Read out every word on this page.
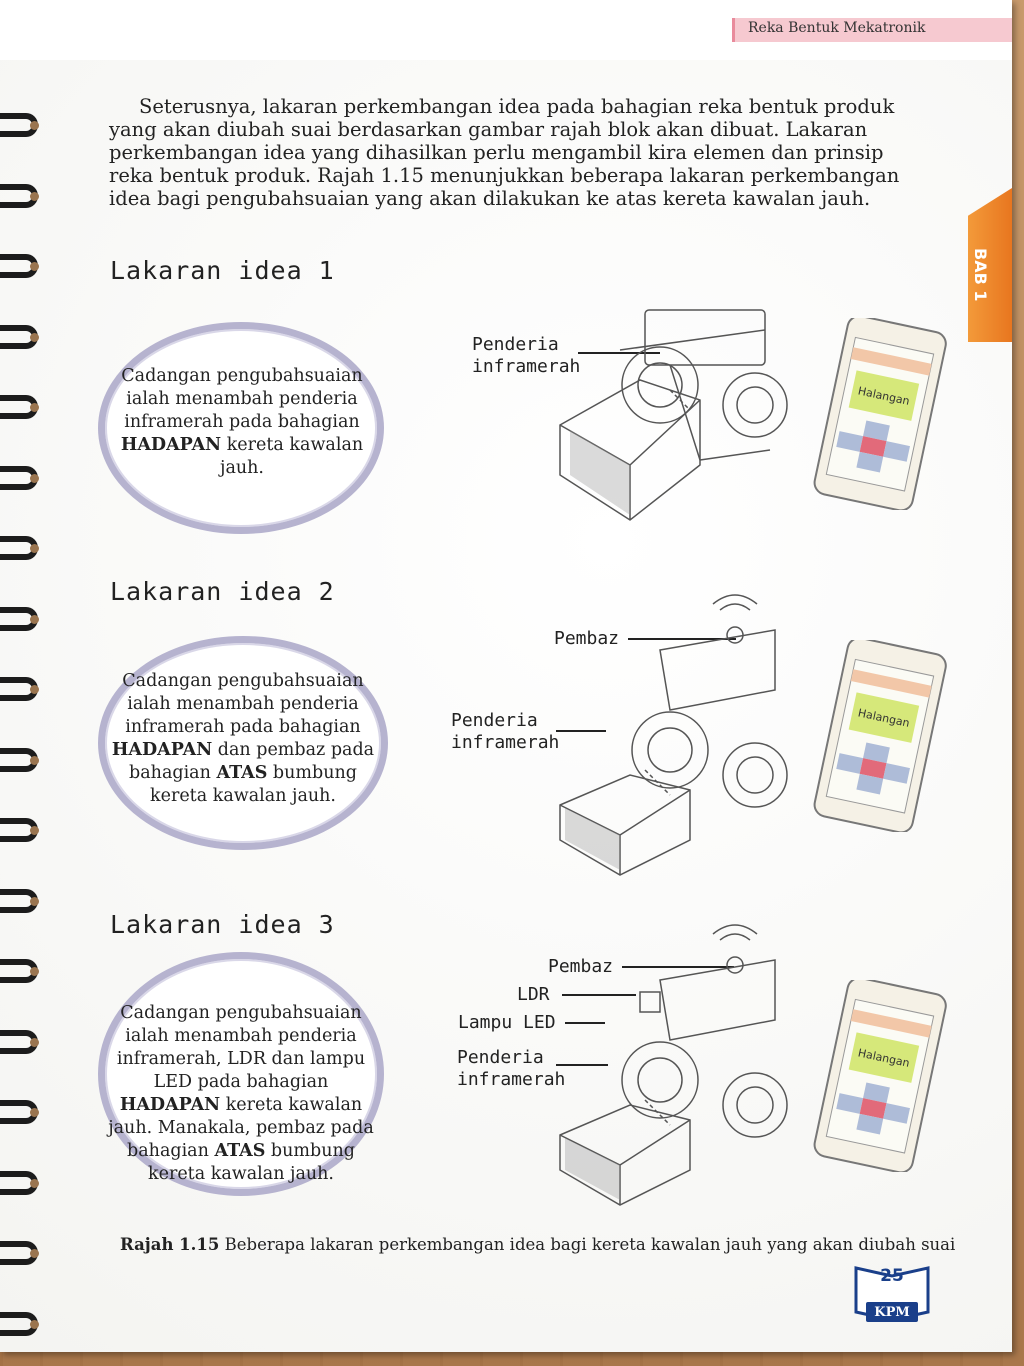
Reka Bentuk Mekatronik
BAB 1

Seterusnya, lakaran perkembangan idea pada bahagian reka bentuk produk yang akan diubah suai berdasarkan gambar rajah blok akan dibuat. Lakaran perkembangan idea yang dihasilkan perlu mengambil kira elemen dan prinsip reka bentuk produk. Rajah 1.15 menunjukkan beberapa lakaran perkembangan idea bagi pengubahsuaian yang akan dilakukan ke atas kereta kawalan jauh.

Lakaran idea 1
Cadangan pengubahsuaian ialah menambah penderia inframerah pada bahagian HADAPAN kereta kawalan jauh.
Penderia inframerah
Lakaran idea 2
Cadangan pengubahsuaian ialah menambah penderia inframerah pada bahagian HADAPAN dan pembaz pada bahagian ATAS bumbung kereta kawalan jauh.
Pembaz
Penderia inframerah
Lakaran idea 3
Cadangan pengubahsuaian ialah menambah penderia inframerah, LDR dan lampu LED pada bahagian HADAPAN kereta kawalan jauh. Manakala, pembaz pada bahagian ATAS bumbung kereta kawalan jauh.
Pembaz
LDR
Lampu LED
Penderia inframerah
Halangan
Halangan
Halangan
Rajah 1.15 Beberapa lakaran perkembangan idea bagi kereta kawalan jauh yang akan diubah suai
25
KPM
